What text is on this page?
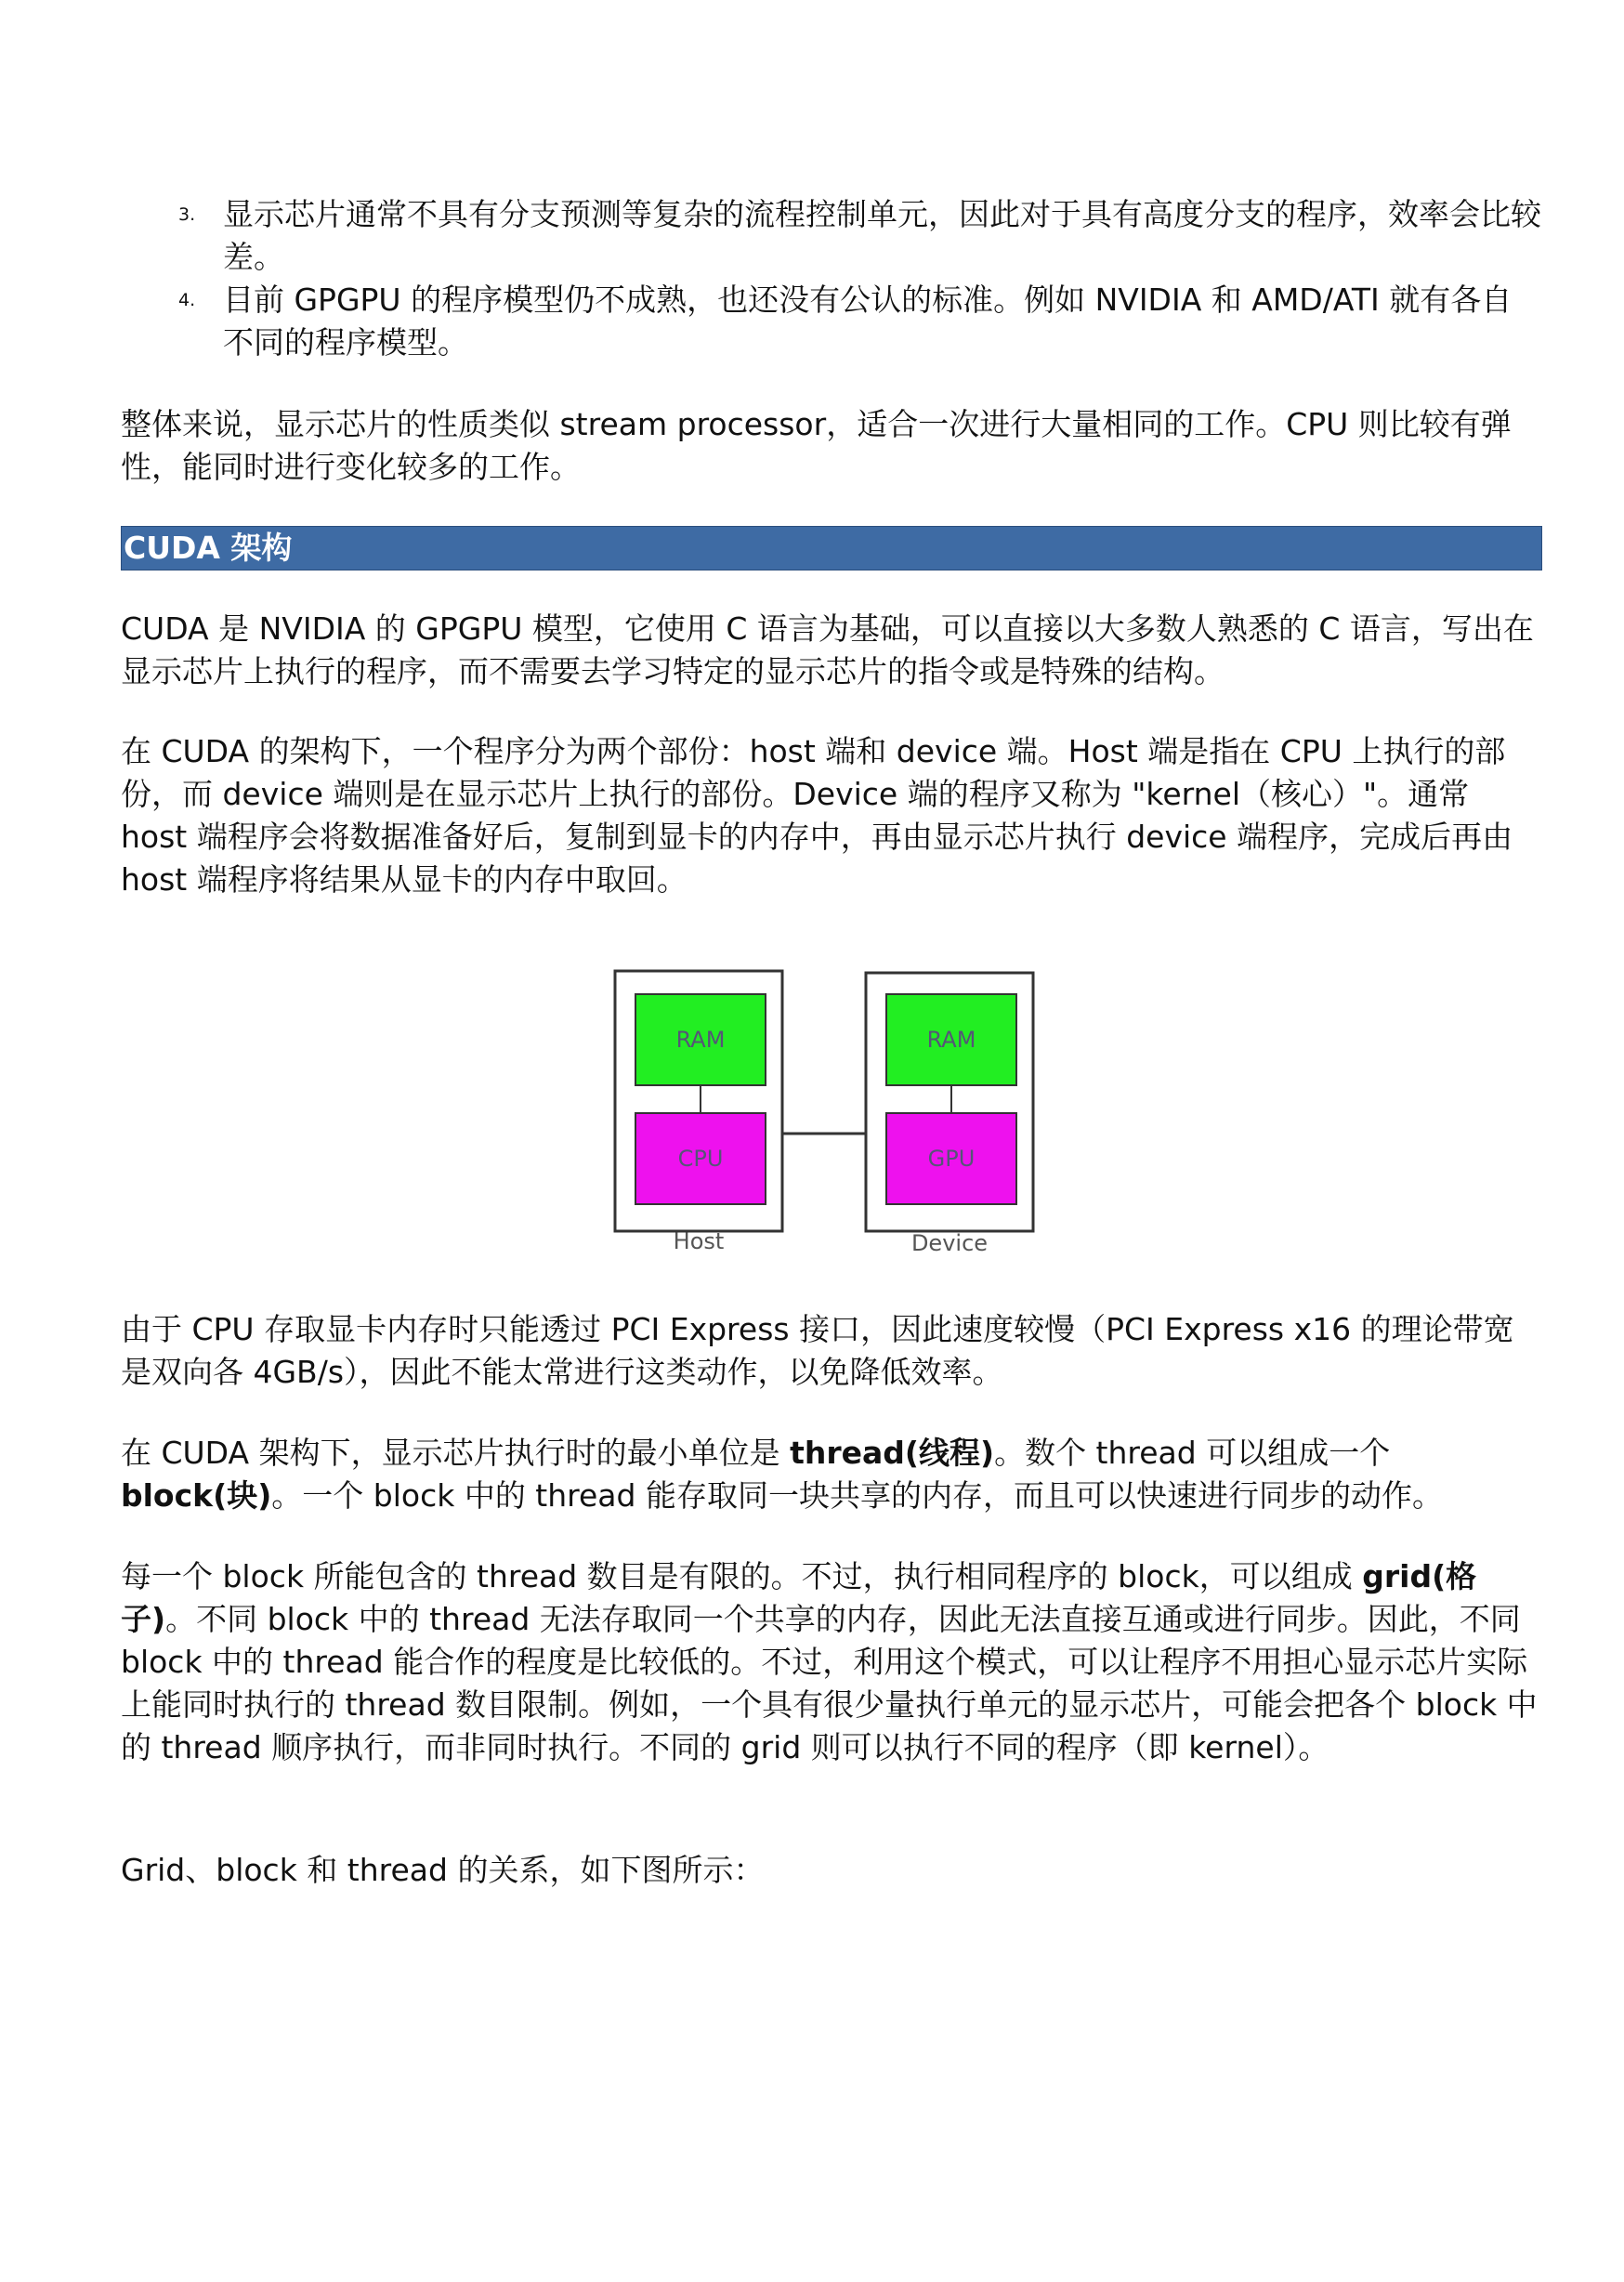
3. 显示芯片通常不具有分支预测等复杂的流程控制单元，因此对于具有高度分支的程序，效率会比较差。
4. 目前 GPGPU 的程序模型仍不成熟，也还没有公认的标准。例如 NVIDIA 和 AMD/ATI 就有各自不同的程序模型。

整体来说，显示芯片的性质类似 stream processor，适合一次进行大量相同的工作。CPU 则比较有弹性，能同时进行变化较多的工作。

CUDA 架构

CUDA 是 NVIDIA 的 GPGPU 模型，它使用 C 语言为基础，可以直接以大多数人熟悉的 C 语言，写出在显示芯片上执行的程序，而不需要去学习特定的显示芯片的指令或是特殊的结构。

在 CUDA 的架构下，一个程序分为两个部份：host 端和 device 端。Host 端是指在 CPU 上执行的部份，而 device 端则是在显示芯片上执行的部份。Device 端的程序又称为 "kernel（核心）"。通常 host 端程序会将数据准备好后，复制到显卡的内存中，再由显示芯片执行 device 端程序，完成后再由 host 端程序将结果从显卡的内存中取回。

RAM
CPU
RAM
GPU
Host	Device

由于 CPU 存取显卡内存时只能透过 PCI Express 接口，因此速度较慢（PCI Express x16 的理论带宽是双向各 4GB/s），因此不能太常进行这类动作，以免降低效率。

在 CUDA 架构下，显示芯片执行时的最小单位是 thread(线程)。数个 thread 可以组成一个 block(块)。一个 block 中的 thread 能存取同一块共享的内存，而且可以快速进行同步的动作。

每一个 block 所能包含的 thread 数目是有限的。不过，执行相同程序的 block，可以组成 grid(格子)。不同 block 中的 thread 无法存取同一个共享的内存，因此无法直接互通或进行同步。因此，不同 block 中的 thread 能合作的程度是比较低的。不过，利用这个模式，可以让程序不用担心显示芯片实际上能同时执行的 thread 数目限制。例如，一个具有很少量执行单元的显示芯片，可能会把各个 block 中的 thread 顺序执行，而非同时执行。不同的 grid 则可以执行不同的程序（即 kernel）。

Grid、block 和 thread 的关系，如下图所示：
